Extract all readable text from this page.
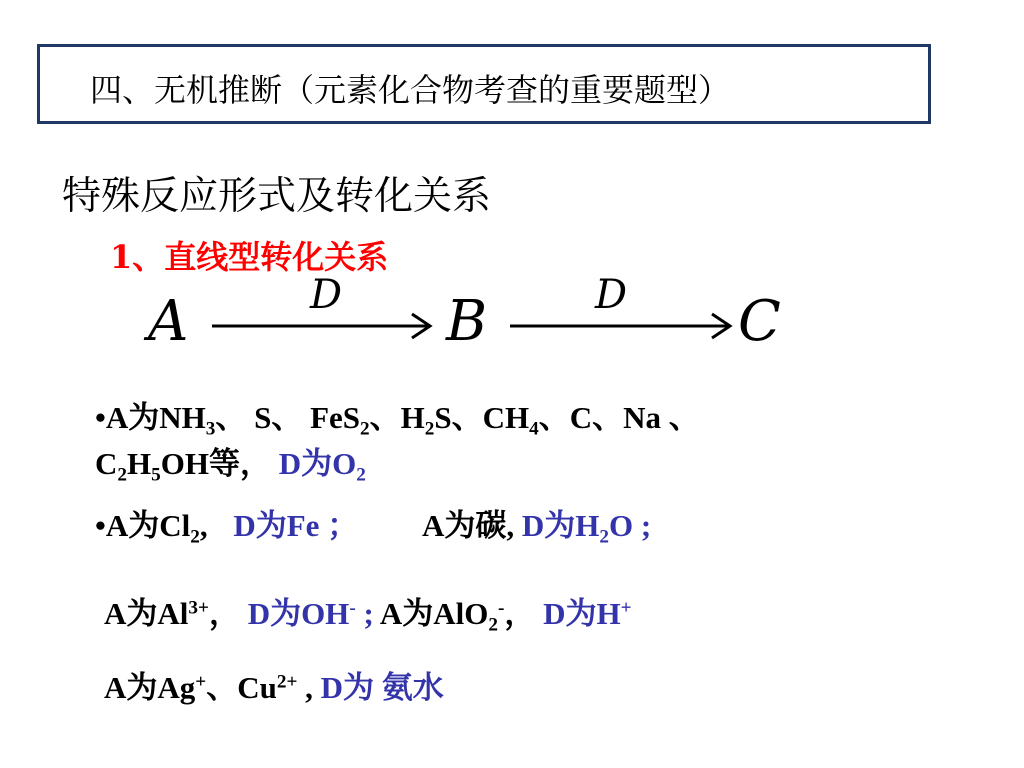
四、无机推断（元素化合物考查的重要题型）
特殊反应形式及转化关系
1、直线型转化关系
A	D B	D C
•A为$NH_3$、 S、 FeS$_2$、$H_2S$、$CH_4$、C、Na 、
$C_2H_5OH$等， D为$O_2$
•A为$Cl_2$, D为Fe ； A为碳, D为$H_2O$ ;
A为$Al^{3+}$， D为OH- ; A为AlO$_2$-， D为H+
A为Ag+、$Cu^{2+}$ , D为 氨水
